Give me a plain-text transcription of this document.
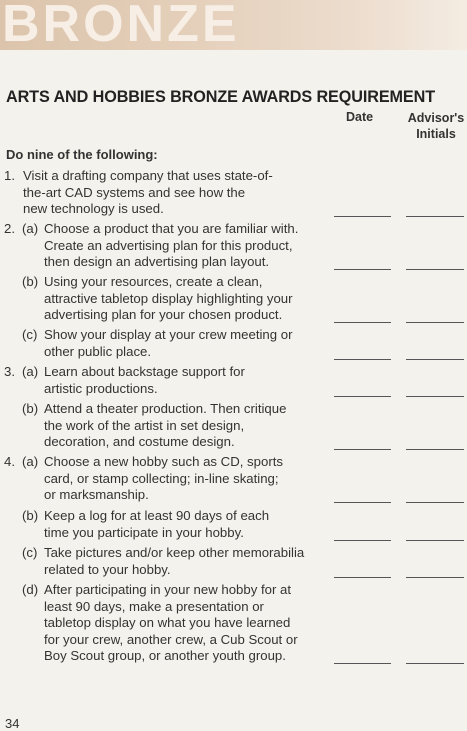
BRONZE
ARTS AND HOBBIES BRONZE AWARDS REQUIREMENT
Date	Advisor's
Initials
Do nine of the following:
1. Visit a drafting company that uses state-of-
the-art CAD systems and see how the
new technology is used.
2. (a) Choose a product that you are familiar with.
Create an advertising plan for this product,
then design an advertising plan layout.
(b) Using your resources, create a clean,
attractive tabletop display highlighting your
advertising plan for your chosen product.
(c) Show your display at your crew meeting or
other public place.
3. (a) Learn about backstage support for
artistic productions.
(b) Attend a theater production. Then critique
the work of the artist in set design,
decoration, and costume design.
4. (a) Choose a new hobby such as CD, sports
card, or stamp collecting; in-line skating;
or marksmanship.
(b) Keep a log for at least 90 days of each
time you participate in your hobby.
(c) Take pictures and/or keep other memorabilia
related to your hobby.
(d) After participating in your new hobby for at
least 90 days, make a presentation or
tabletop display on what you have learned
for your crew, another crew, a Cub Scout or
Boy Scout group, or another youth group.
34
